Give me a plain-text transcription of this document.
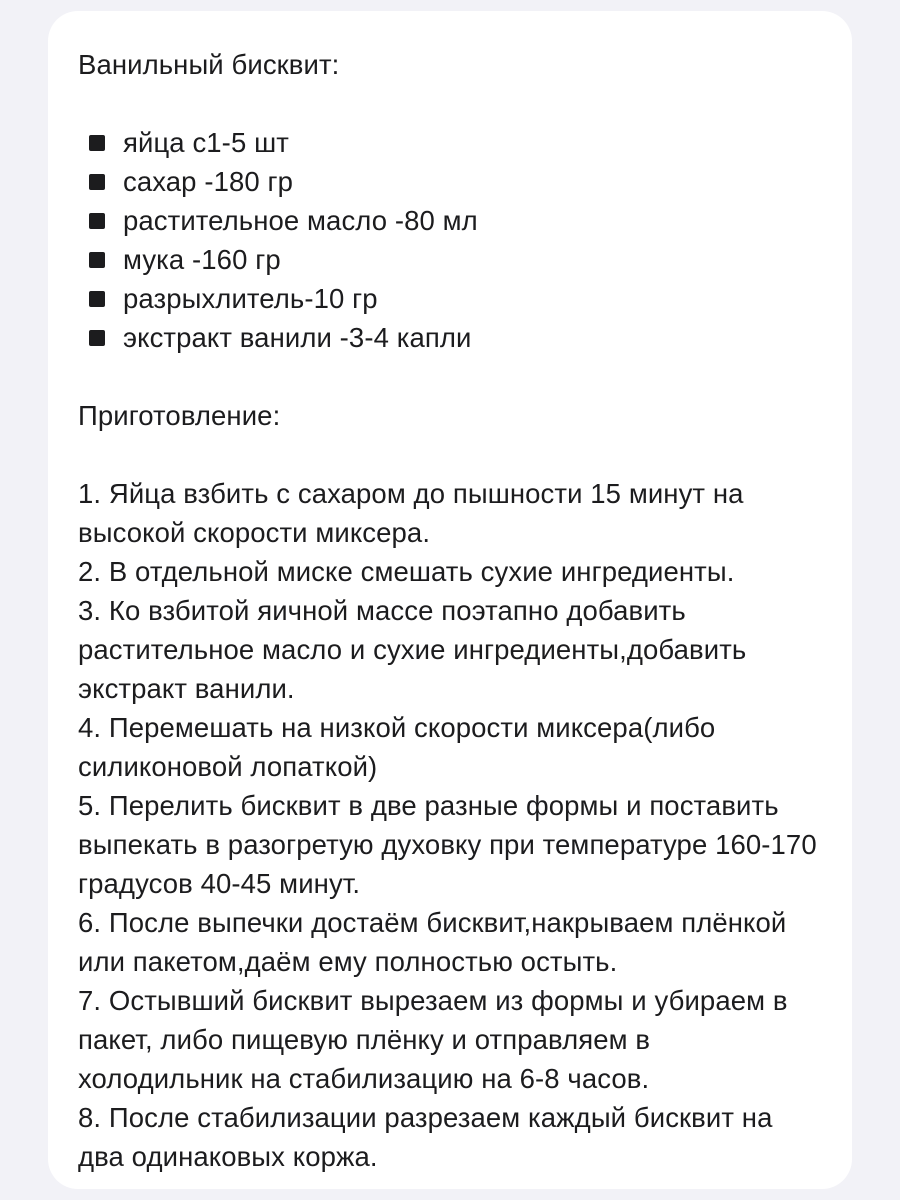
Ванильный бисквит:

яйца с1-5 шт
сахар -180 гр
растительное масло -80 мл
мука -160 гр
разрыхлитель-10 гр
экстракт ванили -3-4 капли

Приготовление:

1. Яйца взбить с сахаром до пышности 15 минут на высокой скорости миксера.

2. В отдельной миске смешать сухие ингредиенты.

3. Ко взбитой яичной массе поэтапно добавить растительное масло и сухие ингредиенты,добавить экстракт ванили.

4. Перемешать на низкой скорости миксера(либо силиконовой лопаткой)

5. Перелить бисквит в две разные формы и поставить выпекать в разогретую духовку при температуре 160-170 градусов 40-45 минут.

6. После выпечки достаём бисквит,накрываем плёнкой или пакетом,даём ему полностью остыть.

7. Остывший бисквит вырезаем из формы и убираем в пакет, либо пищевую плёнку и отправляем в холодильник на стабилизацию на 6-8 часов.

8. После стабилизации разрезаем каждый бисквит на два одинаковых коржа.
